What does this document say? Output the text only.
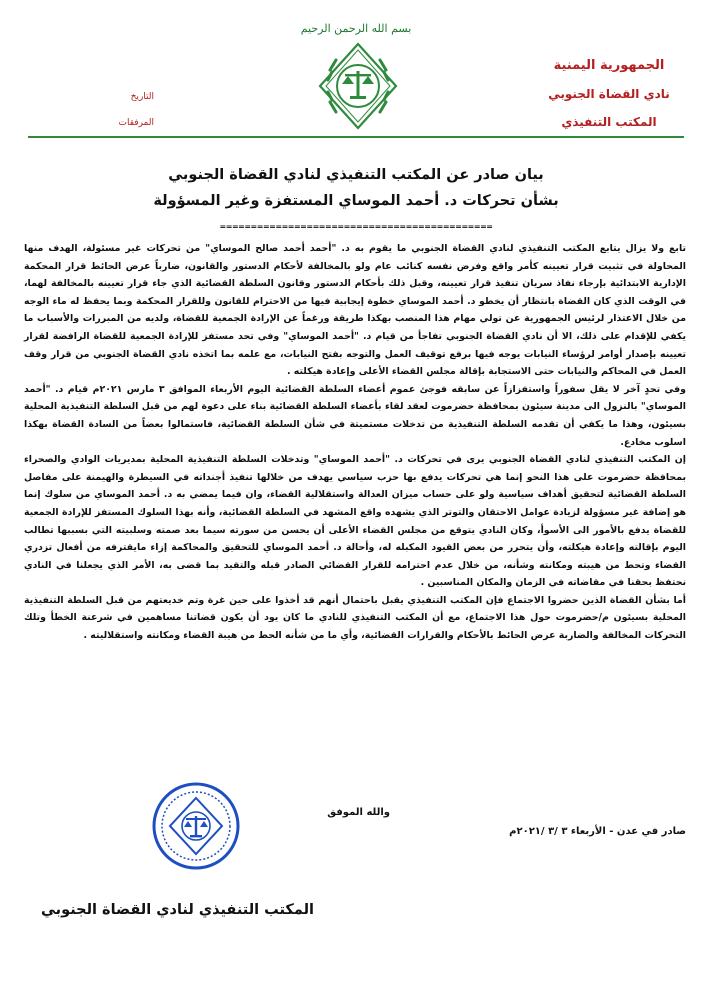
بسم الله الرحمن الرحيم
الجمهورية اليمنية
نادي القضاة الجنوبي
المكتب التنفيذي
التاريخ
المرفقات
بيان صادر عن المكتب التنفيذي لنادي القضاة الجنوبي
بشأن تحركات د. أحمد الموساي المستفزة وغير المسؤولة
============================================

تابع ولا يزال يتابع المكتب التنفيذي لنادي القضاة الجنوبي ما يقوم به د. "أحمد أحمد صالح الموساي" من تحركات غير مسئولة، الهدف منها المحاولة في تثبيت قرار تعيينه كأمر واقع وفرض نفسه كنائب عام ولو بالمخالفة لأحكام الدستور والقانون، ضارباً عرض الحائط قرار المحكمة الإدارية الابتدائية بإرجاء نفاذ سريان تنفيذ قرار تعيينه، وقبل ذلك بأحكام الدستور وقانون السلطة القضائية الذي جاء قرار تعيينه بالمخالفة لهما، في الوقت الذي كان القضاة بانتظار أن يخطو د. أحمد الموساي خطوة إيجابية فيها من الاحترام للقانون وللقرار المحكمة وبما يحفظ له ماء الوجه من خلال الاعتذار لرئيس الجمهورية عن تولي مهام هذا المنصب بهكذا طريقة ورغماً عن الإرادة الجمعية للقضاة، ولديه من المبررات والأسباب ما يكفي للإقدام على ذلك، الا أن نادي القضاة الجنوبي تفاجأ من قيام د. "أحمد الموساي" وفي تحد مستفز للإرادة الجمعية للقضاة الرافضة لقرار تعيينه بإصدار أوامر لرؤساء النيابات يوجه فيها برفع توقيف العمل والتوجه بفتح النيابات، مع علمه بما اتخذه نادي القضاة الجنوبي من قرار وقف العمل في المحاكم والنيابات حتى الاستجابة بإقالة مجلس القضاء الأعلى وإعادة هيكلته .

وفي تحدٍ آخر لا يقل سفوراً واستفزازاً عن سابقه فوجئ عموم أعضاء السلطة القضائية اليوم الأربعاء الموافق ٣ مارس ٢٠٢١م قيام د. "أحمد الموساي" بالنزول الى مدينة سيئون بمحافظة حضرموت لعقد لقاء بأعضاء السلطة القضائية بناء على دعوة لهم من قبل السلطة التنفيذية المحلية بسيئون، وهذا ما يكفي أن تقدمه السلطة التنفيذية من تدخلات مستميتة في شأن السلطة القضائية، فاستمالوا بعضاً من السادة القضاة بهكذا اسلوب مخادع.

إن المكتب التنفيذي لنادي القضاة الجنوبي يرى في تحركات د. "أحمد الموساي" وتدخلات السلطة التنفيذية المحلية بمديريات الوادي والصحراء بمحافظة حضرموت على هذا النحو إنما هي تحركات يدفع بها حزب سياسي يهدف من خلالها تنفيذ أجنداته في السيطرة والهيمنة على مفاصل السلطة القضائية لتحقيق أهداف سياسية ولو على حساب ميزان العدالة واستقلالية القضاء، وان فيما يمضي به د. أحمد الموساي من سلوك إنما هو إضافة غير مسؤولة لزيادة عوامل الاحتقان والتوتر الذي يشهده واقع المشهد في السلطة القضائية، وأنه بهذا السلوك المستفز للإرادة الجمعية للقضاة يدفع بالأمور الى الأسوأ، وكان النادي يتوقع من مجلس القضاء الأعلى أن يحسن من سورته سيما بعد صمته وسلبيته التي بسببها تطالب اليوم بإقالته وإعادة هيكلته، وأن يتحرر من بعض القيود المكبله له، وأحالة د. أحمد الموساي للتحقيق والمحاكمة إزاء مايقترفه من أفعال تزدري القضاء وتحط من هيبته ومكانته وشأنه، من خلال عدم احترامه للقرار القضائي الصادر قبله والتقيد بما قضى به، الأمر الذي يجعلنا في النادي نحتفظ بحقنا في مقاضاته في الزمان والمكان المناسبين .

أما بشأن القضاة الذين حضروا الاجتماع فإن المكتب التنفيذي يقبل باحتمال أنهم قد أخذوا على حين غرة وتم خديعتهم من قبل السلطة التنفيذية المحلية بسيئون م/حضرموت حول هذا الاجتماع، مع أن المكتب التنفيذي للنادي ما كان يود أن يكون قضاتنا مساهمين في شرعنة الخطأ وتلك التحركات المخالفة والضاربة عرض الحائط بالأحكام والقرارات القضائية، وأي ما من شأنه الحط من هيبة القضاء ومكانته واستقلاليته .

والله الموفق
صادر في عدن - الأربعاء ٣ /٣ /٢٠٢١م
المكتب التنفيذي لنادي القضاة الجنوبي
